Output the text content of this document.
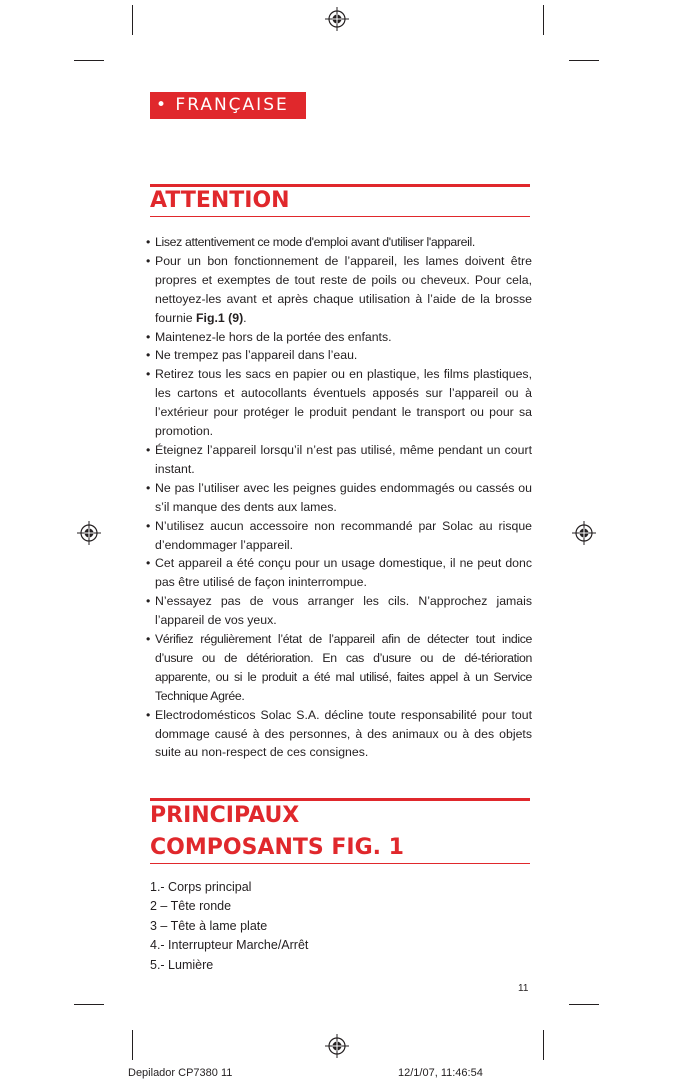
• FRANÇAISE
ATTENTION
• Lisez attentivement ce mode d'emploi avant d'utiliser l'appareil.
• Pour un bon fonctionnement de l’appareil, les lames doivent être propres et exemptes de tout reste de poils ou cheveux. Pour cela, nettoyez-les avant et après chaque utilisation à l’aide de la brosse fournie Fig.1 (9).
• Maintenez-le hors de la portée des enfants.
• Ne trempez pas l’appareil dans l’eau.
• Retirez tous les sacs en papier ou en plastique, les films plastiques, les cartons et autocollants éventuels apposés sur l’appareil ou à l’extérieur pour protéger le produit pendant le transport ou pour sa promotion.
• Éteignez l’appareil lorsqu’il n’est pas utilisé, même pendant un court instant.
• Ne pas l’utiliser avec les peignes guides endommagés ou cassés ou s’il manque des dents aux lames.
• N’utilisez aucun accessoire non recommandé par Solac au risque d’endommager l’appareil.
• Cet appareil a été conçu pour un usage domestique, il ne peut donc pas être utilisé de façon ininterrompue.
• N’essayez pas de vous arranger les cils. N’approchez jamais l’appareil de vos yeux.
• Vérifiez régulièrement l’état de l’appareil afin de détecter tout indice d’usure ou de détérioration. En cas d’usure ou de dé-térioration apparente, ou si le produit a été mal utilisé, faites appel à un Service Technique Agrée.
• Electrodomésticos Solac S.A. décline toute responsabilité pour tout dommage causé à des personnes, à des animaux ou à des objets suite au non-respect de ces consignes.
PRINCIPAUX
COMPOSANTS FIG. 1
1.- Corps principal
2 – Tête ronde
3 – Tête à lame plate
4.- Interrupteur Marche/Arrêt
5.- Lumière
11
Depilador CP7380 11	12/1/07, 11:46:54
